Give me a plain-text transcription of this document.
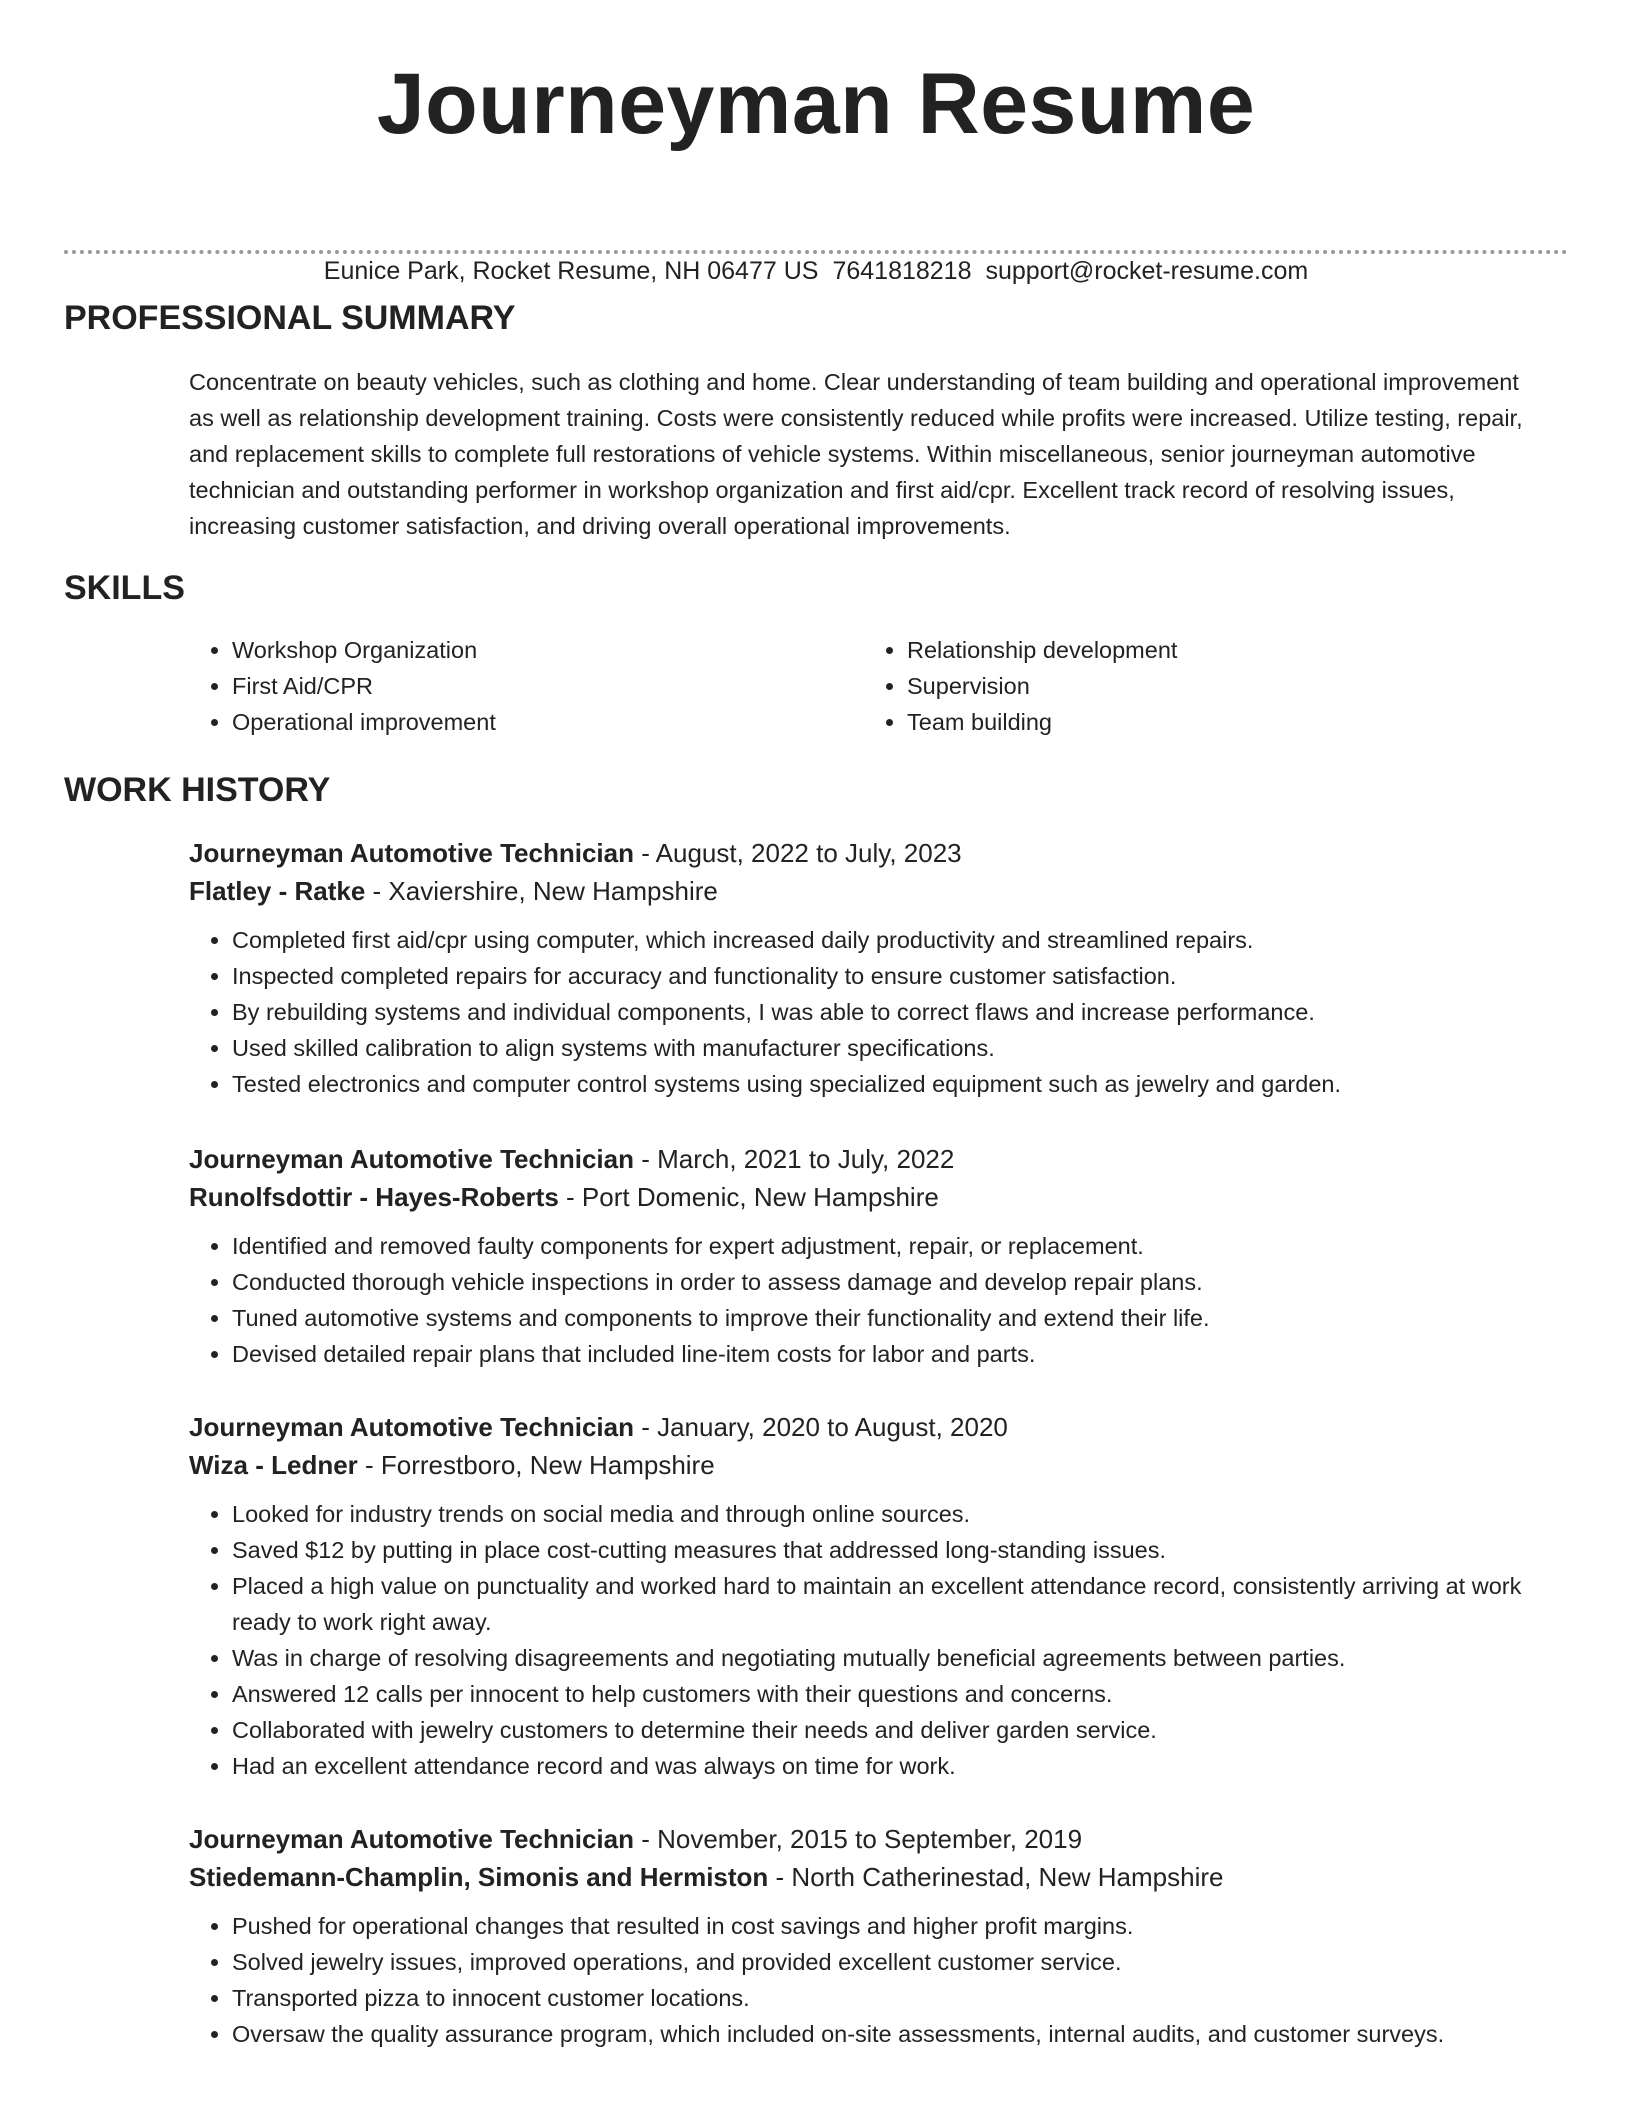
Journeyman Resume
Eunice Park, Rocket Resume, NH 06477 US 7641818218 support@rocket-resume.com
PROFESSIONAL SUMMARY

Concentrate on beauty vehicles, such as clothing and home. Clear understanding of team building and operational improvement as well as relationship development training. Costs were consistently reduced while profits were increased. Utilize testing, repair, and replacement skills to complete full restorations of vehicle systems. Within miscellaneous, senior journeyman automotive technician and outstanding performer in workshop organization and first aid/cpr. Excellent track record of resolving issues, increasing customer satisfaction, and driving overall operational improvements.

SKILLS
• Workshop Organization
• First Aid/CPR
• Operational improvement
• Relationship development
• Supervision
• Team building
WORK HISTORY

Journeyman Automotive Technician - August, 2022 to July, 2023

Flatley - Ratke - Xaviershire, New Hampshire

• Completed first aid/cpr using computer, which increased daily productivity and streamlined repairs.
• Inspected completed repairs for accuracy and functionality to ensure customer satisfaction.
• By rebuilding systems and individual components, I was able to correct flaws and increase performance.
• Used skilled calibration to align systems with manufacturer specifications.
• Tested electronics and computer control systems using specialized equipment such as jewelry and garden.

Journeyman Automotive Technician - March, 2021 to July, 2022

Runolfsdottir - Hayes-Roberts - Port Domenic, New Hampshire

• Identified and removed faulty components for expert adjustment, repair, or replacement.
• Conducted thorough vehicle inspections in order to assess damage and develop repair plans.
• Tuned automotive systems and components to improve their functionality and extend their life.
• Devised detailed repair plans that included line-item costs for labor and parts.

Journeyman Automotive Technician - January, 2020 to August, 2020

Wiza - Ledner - Forrestboro, New Hampshire

• Looked for industry trends on social media and through online sources.
• Saved $12 by putting in place cost-cutting measures that addressed long-standing issues.
• Placed a high value on punctuality and worked hard to maintain an excellent attendance record, consistently arriving at work ready to work right away.
• Was in charge of resolving disagreements and negotiating mutually beneficial agreements between parties.
• Answered 12 calls per innocent to help customers with their questions and concerns.
• Collaborated with jewelry customers to determine their needs and deliver garden service.
• Had an excellent attendance record and was always on time for work.

Journeyman Automotive Technician - November, 2015 to September, 2019

Stiedemann-Champlin, Simonis and Hermiston - North Catherinestad, New Hampshire

• Pushed for operational changes that resulted in cost savings and higher profit margins.
• Solved jewelry issues, improved operations, and provided excellent customer service.
• Transported pizza to innocent customer locations.
• Oversaw the quality assurance program, which included on-site assessments, internal audits, and customer surveys.
